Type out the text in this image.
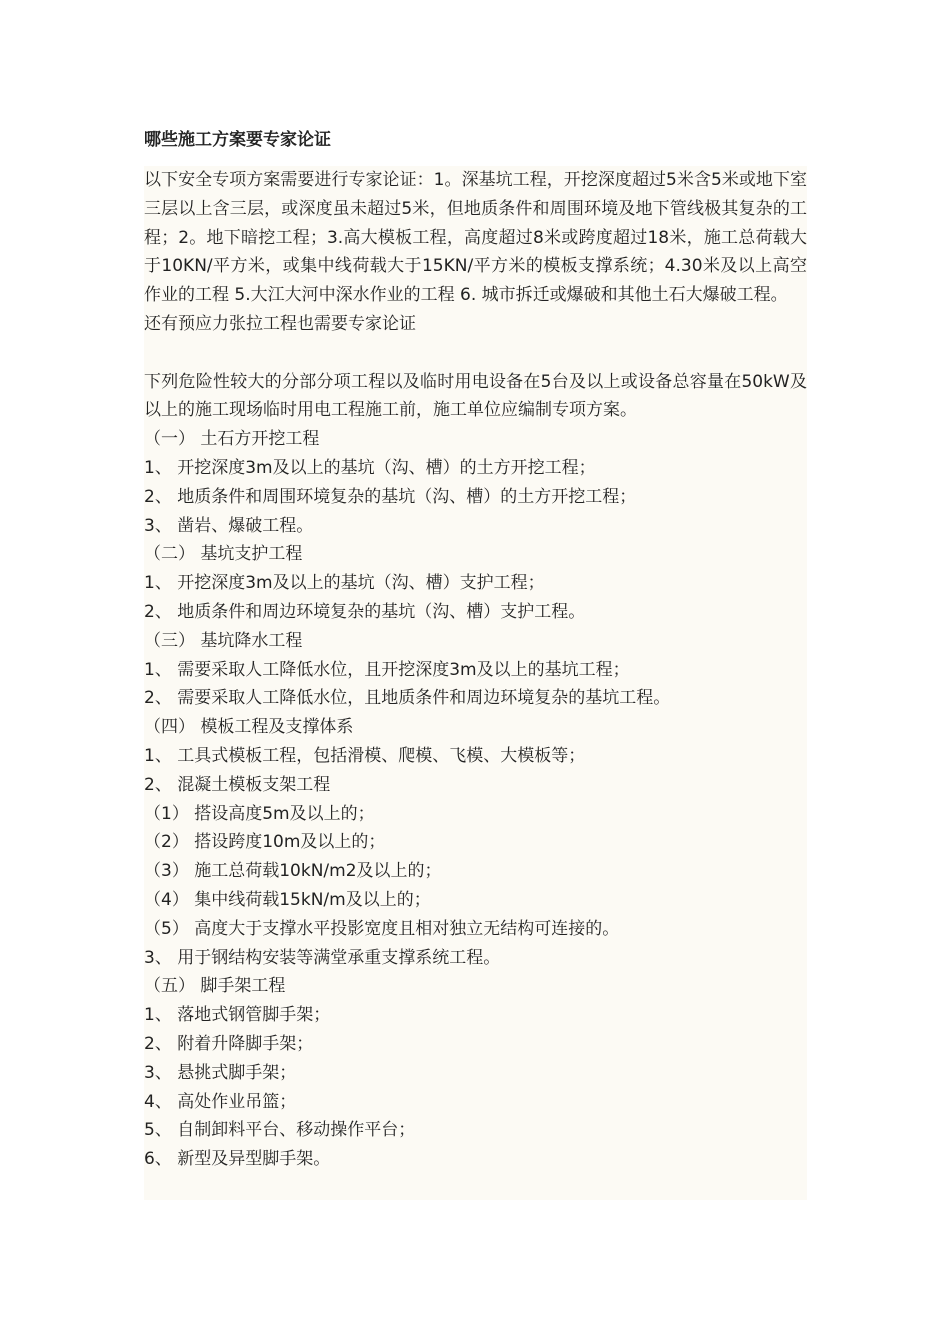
哪些施工方案要专家论证

以下安全专项方案需要进行专家论证：1。深基坑工程，开挖深度超过5米含5米或地下室三层以上含三层，或深度虽未超过5米，但地质条件和周围环境及地下管线极其复杂的工程；2。地下暗挖工程；3.高大模板工程，高度超过8米或跨度超过18米，施工总荷载大于10KN/平方米，或集中线荷载大于15KN/平方米的模板支撑系统；4.30米及以上高空作业的工程 5.大江大河中深水作业的工程 6. 城市拆迁或爆破和其他土石大爆破工程。

还有预应力张拉工程也需要专家论证

下列危险性较大的分部分项工程以及临时用电设备在5台及以上或设备总容量在50kW及以上的施工现场临时用电工程施工前，施工单位应编制专项方案。

（一） 土石方开挖工程

1、 开挖深度3m及以上的基坑（沟、槽）的土方开挖工程；

2、 地质条件和周围环境复杂的基坑（沟、槽）的土方开挖工程；

3、 凿岩、爆破工程。

（二） 基坑支护工程

1、 开挖深度3m及以上的基坑（沟、槽）支护工程；

2、 地质条件和周边环境复杂的基坑（沟、槽）支护工程。

（三） 基坑降水工程

1、 需要采取人工降低水位，且开挖深度3m及以上的基坑工程；

2、 需要采取人工降低水位，且地质条件和周边环境复杂的基坑工程。

（四） 模板工程及支撑体系

1、 工具式模板工程，包括滑模、爬模、飞模、大模板等；

2、 混凝土模板支架工程

（1） 搭设高度5m及以上的；

（2） 搭设跨度10m及以上的；

（3） 施工总荷载10kN/m2及以上的；

（4） 集中线荷载15kN/m及以上的；

（5） 高度大于支撑水平投影宽度且相对独立无结构可连接的。

3、 用于钢结构安装等满堂承重支撑系统工程。

（五） 脚手架工程

1、 落地式钢管脚手架；

2、 附着升降脚手架；

3、 悬挑式脚手架；

4、 高处作业吊篮；

5、 自制卸料平台、移动操作平台；

6、 新型及异型脚手架。
